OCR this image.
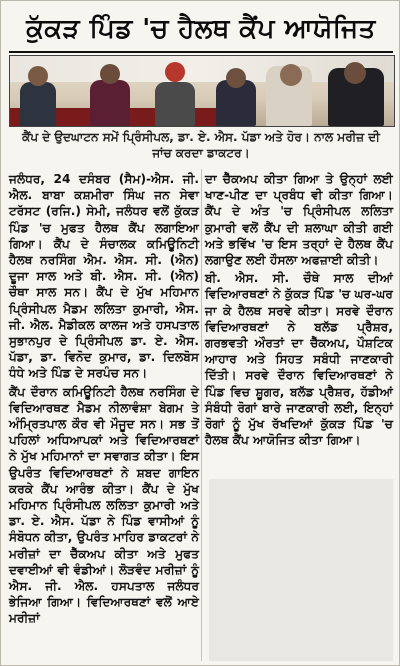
ਕੁੱਕੜ ਪਿੰਡ 'ਚ ਹੈਲਥ ਕੈਂਪ ਆਯੋਜਿਤ
ਕੈਂਪ ਦੇ ਉਦਘਾਟਨ ਸਮੇਂ ਪ੍ਰਿੰਸੀਪਲ, ਡਾ. ਏ. ਐਸ. ਪੱਡਾ ਅਤੇ ਹੋਰ। ਨਾਲ ਮਰੀਜ਼ ਦੀ ਜਾਂਚ ਕਰਦਾ ਡਾਕਟਰ।

ਜਲੰਧਰ, 24 ਦਸੰਬਰ (ਸੈਮ)-ਐਸ. ਜੀ. ਐਲ. ਬਾਬਾ ਕਸ਼ਮੀਰਾ ਸਿੰਘ ਜਨ ਸੇਵਾ ਟਰੱਸਟ (ਰਜਿ.) ਸੇਮੀ, ਜਲੰਧਰ ਵਲੋਂ ਕੁੱਕੜ ਪਿੰਡ 'ਚ ਮੁਫਤ ਹੈਲਥ ਕੈਂਪ ਲਗਾਇਆ ਗਿਆ। ਕੈਂਪ ਦੇ ਸੰਚਾਲਕ ਕਮਿਊਨਿਟੀ ਹੈਲਥ ਨਰਸਿੰਗ ਐਮ. ਐਸ. ਸੀ. (ਐਨ) ਦੂਜਾ ਸਾਲ ਅਤੇ ਬੀ. ਐਸ. ਸੀ. (ਐਨ) ਚੌਥਾ ਸਾਲ ਸਨ। ਕੈਂਪ ਦੇ ਮੁੱਖ ਮਹਿਮਾਨ ਪ੍ਰਿੰਸੀਪਲ ਮੈਡਮ ਲਲਿਤਾ ਕੁਮਾਰੀ, ਐਸ. ਜੀ. ਐਲ. ਮੈਡੀਕਲ ਕਾਲਜ ਅਤੇ ਹਸਪਤਾਲ ਸੁਭਾਨਪੁਰ ਦੇ ਪ੍ਰਿੰਸੀਪਲ ਡਾ. ਏ. ਐਸ. ਪੱਡਾ, ਡਾ. ਵਿਨੋਦ ਕੁਮਾਰ, ਡਾ. ਦਿਲਬੋਸ ਧੰਧੇ ਅਤੇ ਪਿੰਡ ਦੇ ਸਰਪੰਚ ਸਨ।

ਕੈਂਪ ਦੌਰਾਨ ਕਮਿਊਨਿਟੀ ਹੈਲਥ ਨਰਸਿੰਗ ਦੇ ਵਿਦਿਆਰਥਣ ਮੈਡਮ ਨੀਲਾਵੰਸ਼ਾ ਬੇਗਮ ਤੇ ਅੰਮ੍ਰਿਤਪਾਲ ਕੌਰ ਵੀ ਮੌਜੂਦ ਸਨ। ਸਭ ਤੋਂ ਪਹਿਲਾਂ ਅਧਿਆਪਕਾਂ ਅਤੇ ਵਿਦਿਆਰਥਣਾਂ ਨੇ ਮੁੱਖ ਮਹਿਮਾਨਾਂ ਦਾ ਸਵਾਗਤ ਕੀਤਾ। ਇਸ ਉਪਰੰਤ ਵਿਦਿਆਰਥਣਾਂ ਨੇ ਸ਼ਬਦ ਗਾਇਨ ਕਰਕੇ ਕੈਂਪ ਆਰੰਭ ਕੀਤਾ। ਕੈਂਪ ਦੇ ਮੁੱਖ ਮਹਿਮਾਨ ਪ੍ਰਿੰਸੀਪਲ ਲਲਿਤਾ ਕੁਮਾਰੀ ਅਤੇ ਡਾ. ਏ. ਐਸ. ਪੱਡਾ ਨੇ ਪਿੰਡ ਵਾਸੀਆਂ ਨੂੰ ਸੰਬੋਧਨ ਕੀਤਾ, ਉਪਰੰਤ ਮਾਹਿਰ ਡਾਕਟਰਾਂ ਨੇ ਮਰੀਜ਼ਾਂ ਦਾ ਚੈੱਕਅਪ ਕੀਤਾ ਅਤੇ ਮੁਫਤ ਦਵਾਈਆਂ ਵੀ ਵੰਡੀਆਂ। ਲੋੜਵੰਦ ਮਰੀਜ਼ਾਂ ਨੂੰ ਐਸ. ਜੀ. ਐਲ. ਹਸਪਤਾਲ ਜਲੰਧਰ ਭੇਜਿਆ ਗਿਆ। ਵਿਦਿਆਰਥਣਾਂ ਵਲੋਂ ਆਏ ਮਰੀਜ਼ਾਂ

ਦਾ ਚੈੱਕਅਪ ਕੀਤਾ ਗਿਆ ਤੇ ਉਨ੍ਹਾਂ ਲਈ ਖਾਣ-ਪੀਣ ਦਾ ਪ੍ਰਬੰਧ ਵੀ ਕੀਤਾ ਗਿਆ। ਕੈਂਪ ਦੇ ਅੰਤ 'ਚ ਪ੍ਰਿੰਸੀਪਲ ਲਲਿਤਾ ਕੁਮਾਰੀ ਵਲੋਂ ਕੈਂਪ ਦੀ ਸ਼ਲਾਘਾ ਕੀਤੀ ਗਈ ਅਤੇ ਭਵਿੱਖ 'ਚ ਇਸ ਤਰ੍ਹਾਂ ਦੇ ਹੈਲਥ ਕੈਂਪ ਲਗਾਉਣ ਲਈ ਹੌਸਲਾ ਅਫਜ਼ਾਈ ਕੀਤੀ।

ਬੀ. ਐਸ. ਸੀ. ਚੌਥੇ ਸਾਲ ਦੀਆਂ ਵਿਦਿਆਰਥਣਾਂ ਨੇ ਕੁੱਕੜ ਪਿੰਡ 'ਚ ਘਰ-ਘਰ ਜਾ ਕੇ ਹੈਲਥ ਸਰਵੇ ਕੀਤਾ। ਸਰਵੇ ਦੌਰਾਨ ਵਿਦਿਆਰਥਣਾਂ ਨੇ ਬਲੱਡ ਪ੍ਰੈਸ਼ਰ, ਗਰਭਵਤੀ ਔਰਤਾਂ ਦਾ ਚੈੱਕਅਪ, ਪੌਸ਼ਟਿਕ ਆਹਾਰ ਅਤੇ ਸਿਹਤ ਸਬੰਧੀ ਜਾਣਕਾਰੀ ਦਿੱਤੀ। ਸਰਵੇ ਦੌਰਾਨ ਵਿਦਿਆਰਥਣਾਂ ਨੇ ਪਿੰਡ ਵਿਚ ਸ਼ੂਗਰ, ਬਲੱਡ ਪ੍ਰੈਸ਼ਰ, ਹੱਡੀਆਂ ਸੰਬੰਧੀ ਰੋਗਾਂ ਬਾਰੇ ਜਾਣਕਾਰੀ ਲਈ, ਇਨ੍ਹਾਂ ਰੋਗਾਂ ਨੂੰ ਮੁੱਖ ਰੱਖਦਿਆਂ ਕੁੱਕੜ ਪਿੰਡ 'ਚ ਹੈਲਥ ਕੈਂਪ ਆਯੋਜਿਤ ਕੀਤਾ ਗਿਆ।
